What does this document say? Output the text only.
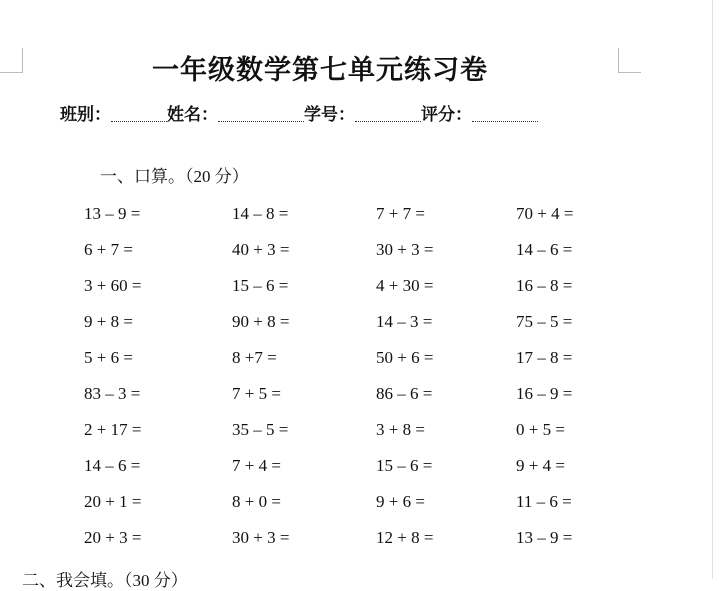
一年级数学第七单元练习卷
班别：	姓名：	学号：	评分：
一、口算。（20 分）
13 – 9 =	14 – 8 =	7 + 7 =	70 + 4 =
6 + 7 =	40 + 3 =	30 + 3 =	14 – 6 =
3 + 60 =	15 – 6 =	4 + 30 =	16 – 8 =
9 + 8 =	90 + 8 =	14 – 3 =	75 – 5 =
5 + 6 =	8 +7 =	50 + 6 =	17 – 8 =
83 – 3 =	7 + 5 =	86 – 6 =	16 – 9 =
2 + 17 =	35 – 5 =	3 + 8 =	0 + 5 =
14 – 6 =	7 + 4 =	15 – 6 =	9 + 4 =
20 + 1 =	8 + 0 =	9 + 6 =	11 – 6 =
20 + 3 =	30 + 3 =	12 + 8 =	13 – 9 =
二、我会填。（30 分）
